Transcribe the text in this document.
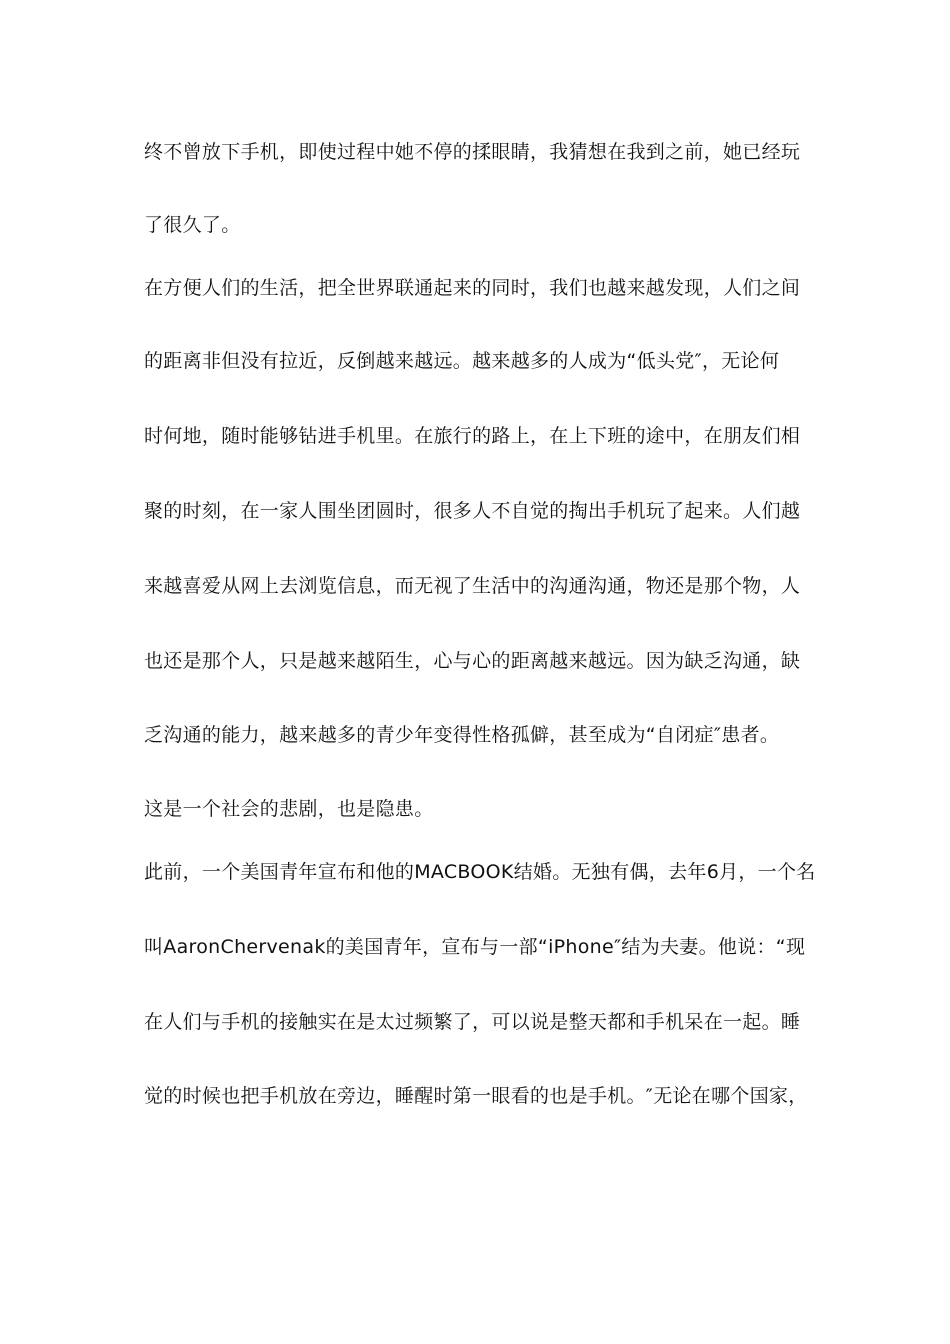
终不曾放下手机，即使过程中她不停的揉眼睛，我猜想在我到之前，她已经玩
了很久了。
在方便人们的生活，把全世界联通起来的同时，我们也越来越发现，人们之间
的距离非但没有拉近，反倒越来越远。越来越多的人成为“低头党″，无论何
时何地，随时能够钻进手机里。在旅行的路上，在上下班的途中，在朋友们相
聚的时刻，在一家人围坐团圆时，很多人不自觉的掏出手机玩了起来。人们越
来越喜爱从网上去浏览信息，而无视了生活中的沟通沟通，物还是那个物，人
也还是那个人，只是越来越陌生，心与心的距离越来越远。因为缺乏沟通，缺
乏沟通的能力，越来越多的青少年变得性格孤僻，甚至成为“自闭症″患者。
这是一个社会的悲剧，也是隐患。
此前，一个美国青年宣布和他的MACBOOK结婚。无独有偶，去年6月，一个名
叫AaronChervenak的美国青年，宣布与一部“iPhone″结为夫妻。他说：“现
在人们与手机的接触实在是太过频繁了，可以说是整天都和手机呆在一起。睡
觉的时候也把手机放在旁边，睡醒时第一眼看的也是手机。″无论在哪个国家，
